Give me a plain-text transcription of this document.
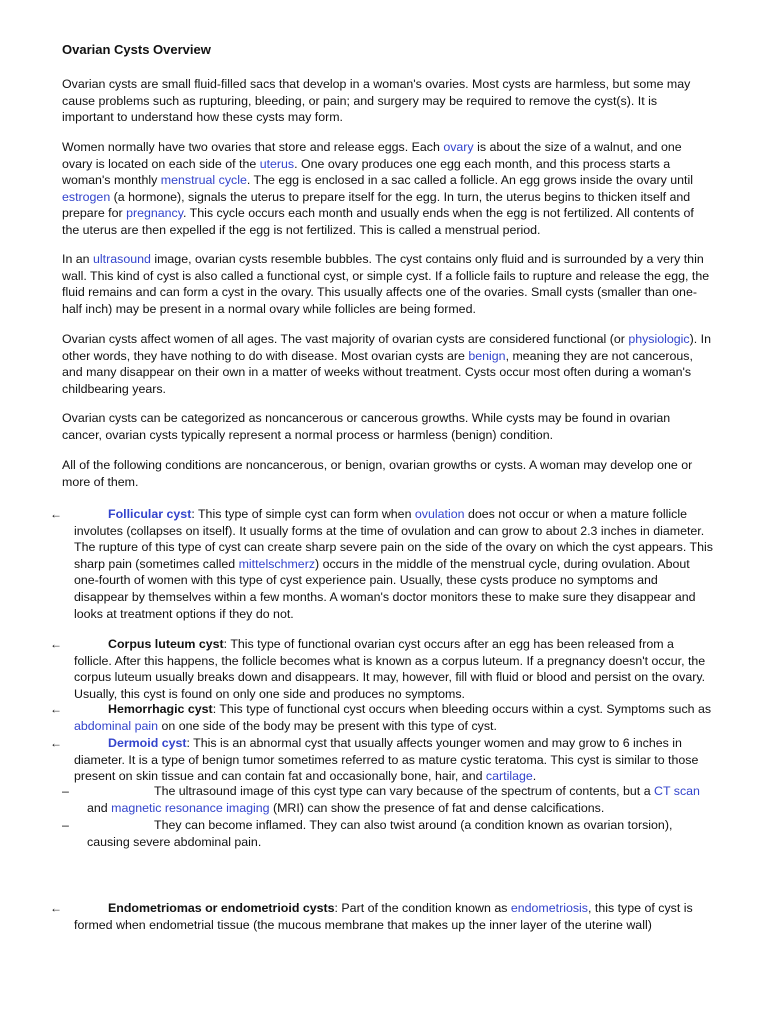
Ovarian Cysts Overview

Ovarian cysts are small fluid-filled sacs that develop in a woman's ovaries. Most cysts are harmless, but some may cause problems such as rupturing, bleeding, or pain; and surgery may be required to remove the cyst(s). It is important to understand how these cysts may form.

Women normally have two ovaries that store and release eggs. Each ovary is about the size of a walnut, and one ovary is located on each side of the uterus. One ovary produces one egg each month, and this process starts a woman's monthly menstrual cycle. The egg is enclosed in a sac called a follicle. An egg grows inside the ovary until estrogen (a hormone), signals the uterus to prepare itself for the egg. In turn, the uterus begins to thicken itself and prepare for pregnancy. This cycle occurs each month and usually ends when the egg is not fertilized. All contents of the uterus are then expelled if the egg is not fertilized. This is called a menstrual period.

In an ultrasound image, ovarian cysts resemble bubbles. The cyst contains only fluid and is surrounded by a very thin wall. This kind of cyst is also called a functional cyst, or simple cyst. If a follicle fails to rupture and release the egg, the fluid remains and can form a cyst in the ovary. This usually affects one of the ovaries. Small cysts (smaller than one-half inch) may be present in a normal ovary while follicles are being formed.

Ovarian cysts affect women of all ages. The vast majority of ovarian cysts are considered functional (or physiologic). In other words, they have nothing to do with disease. Most ovarian cysts are benign, meaning they are not cancerous, and many disappear on their own in a matter of weeks without treatment. Cysts occur most often during a woman's childbearing years.

Ovarian cysts can be categorized as noncancerous or cancerous growths. While cysts may be found in ovarian cancer, ovarian cysts typically represent a normal process or harmless (benign) condition.

All of the following conditions are noncancerous, or benign, ovarian growths or cysts. A woman may develop one or more of them.

←	Follicular cyst: This type of simple cyst can form when ovulation does not occur or when a mature follicle involutes (collapses on itself). It usually forms at the time of ovulation and can grow to about 2.3 inches in diameter. The rupture of this type of cyst can create sharp severe pain on the side of the ovary on which the cyst appears. This sharp pain (sometimes called mittelschmerz) occurs in the middle of the menstrual cycle, during ovulation. About one-fourth of women with this type of cyst experience pain. Usually, these cysts produce no symptoms and disappear by themselves within a few months. A woman's doctor monitors these to make sure they disappear and looks at treatment options if they do not.

←	Corpus luteum cyst: This type of functional ovarian cyst occurs after an egg has been released from a follicle. After this happens, the follicle becomes what is known as a corpus luteum. If a pregnancy doesn't occur, the corpus luteum usually breaks down and disappears. It may, however, fill with fluid or blood and persist on the ovary. Usually, this cyst is found on only one side and produces no symptoms.

←	Hemorrhagic cyst: This type of functional cyst occurs when bleeding occurs within a cyst. Symptoms such as abdominal pain on one side of the body may be present with this type of cyst.

←	Dermoid cyst: This is an abnormal cyst that usually affects younger women and may grow to 6 inches in diameter. It is a type of benign tumor sometimes referred to as mature cystic teratoma. This cyst is similar to those present on skin tissue and can contain fat and occasionally bone, hair, and cartilage.

–	The ultrasound image of this cyst type can vary because of the spectrum of contents, but a CT scan and magnetic resonance imaging (MRI) can show the presence of fat and dense calcifications.

–	They can become inflamed. They can also twist around (a condition known as ovarian torsion), causing severe abdominal pain.

←	Endometriomas or endometrioid cysts: Part of the condition known as endometriosis, this type of cyst is formed when endometrial tissue (the mucous membrane that makes up the inner layer of the uterine wall)
